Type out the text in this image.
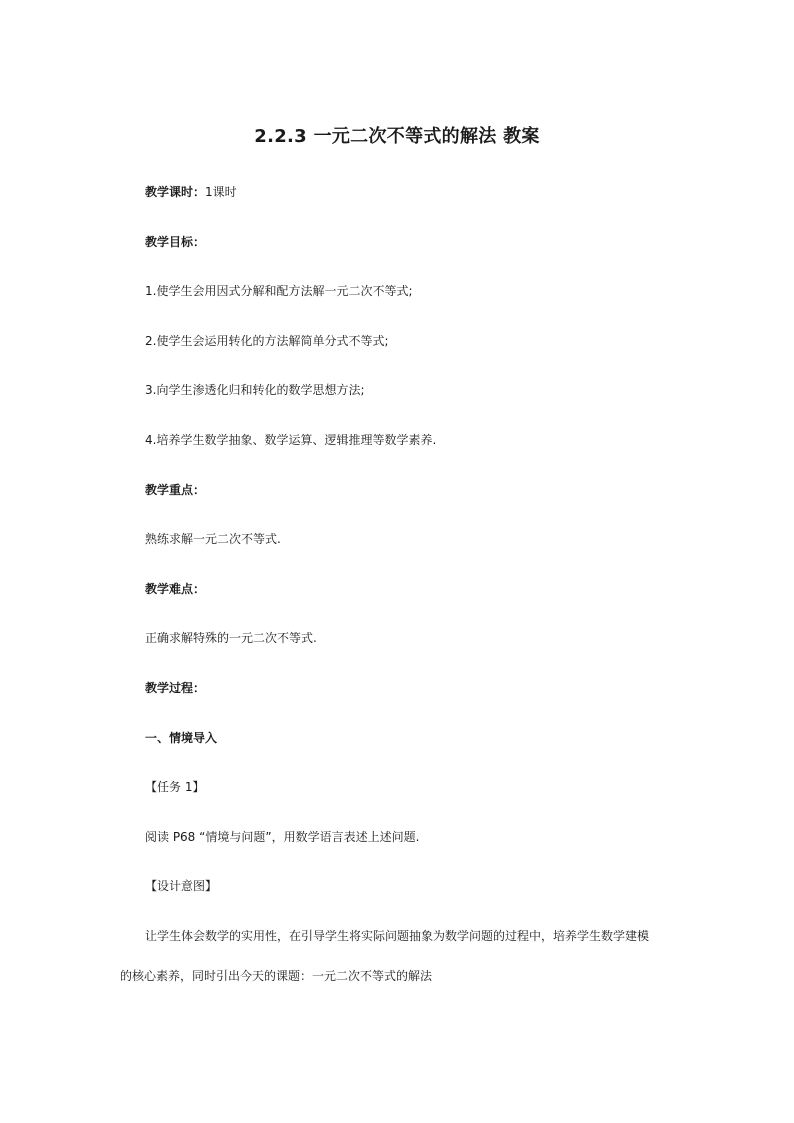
2.2.3 一元二次不等式的解法 教案
教学课时：1课时
教学目标：
1.使学生会用因式分解和配方法解一元二次不等式;
2.使学生会运用转化的方法解简单分式不等式;
3.向学生渗透化归和转化的数学思想方法;
4.培养学生数学抽象、数学运算、逻辑推理等数学素养.
教学重点：
熟练求解一元二次不等式.
教学难点：
正确求解特殊的一元二次不等式.
教学过程：
一、情境导入
【任务 1】
阅读 P68 “情境与问题”，用数学语言表述上述问题.
【设计意图】
让学生体会数学的实用性，在引导学生将实际问题抽象为数学问题的过程中，培养学生数学建模
的核心素养，同时引出今天的课题：一元二次不等式的解法
